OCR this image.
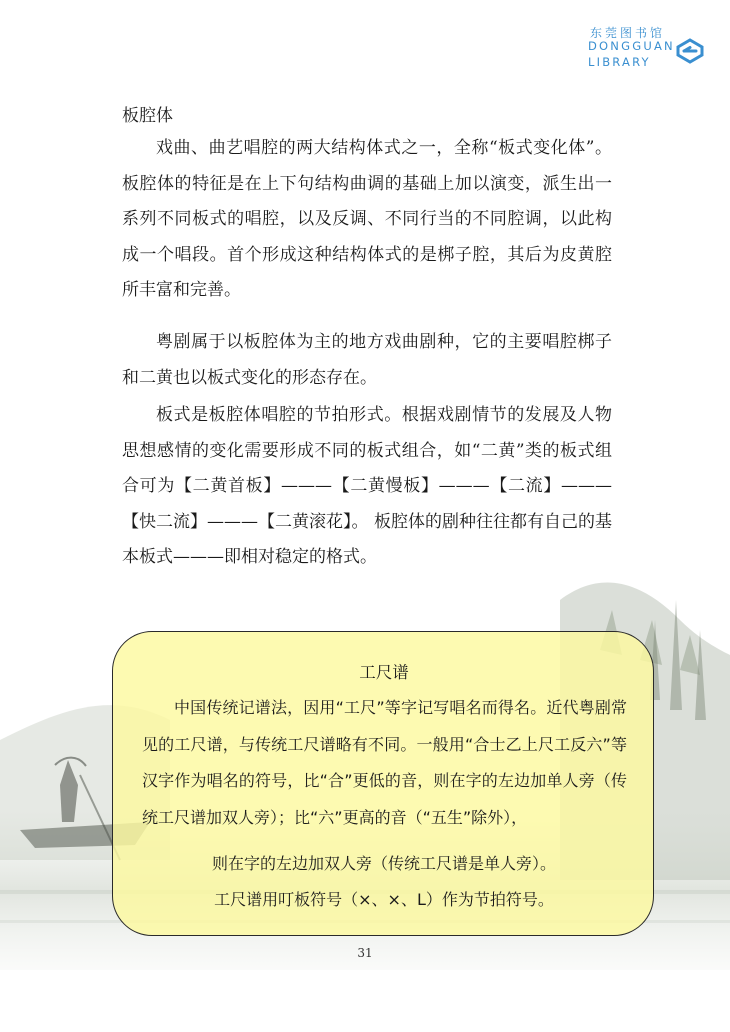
东莞图书馆
DONGGUAN
LIBRARY
板腔体

戏曲、曲艺唱腔的两大结构体式之一，全称“板式变化体”。板腔体的特征是在上下句结构曲调的基础上加以演变，派生出一系列不同板式的唱腔，以及反调、不同行当的不同腔调，以此构成一个唱段。首个形成这种结构体式的是梆子腔，其后为皮黄腔所丰富和完善。

粤剧属于以板腔体为主的地方戏曲剧种，它的主要唱腔梆子和二黄也以板式变化的形态存在。

板式是板腔体唱腔的节拍形式。根据戏剧情节的发展及人物思想感情的变化需要形成不同的板式组合，如“二黄”类的板式组合可为【二黄首板】———【二黄慢板】———【二流】———【快二流】———【二黄滚花】。 板腔体的剧种往往都有自己的基本板式———即相对稳定的格式。

工尺谱

中国传统记谱法，因用“工尺”等字记写唱名而得名。近代粤剧常见的工尺谱，与传统工尺谱略有不同。一般用“合士乙上尺工反六”等汉字作为唱名的符号，比“合”更低的音，则在字的左边加单人旁（传统工尺谱加双人旁）；比“六”更高的音（“五生”除外），

则在字的左边加双人旁（传统工尺谱是单人旁）。

工尺谱用叮板符号（×、×、L）作为节拍符号。

31
